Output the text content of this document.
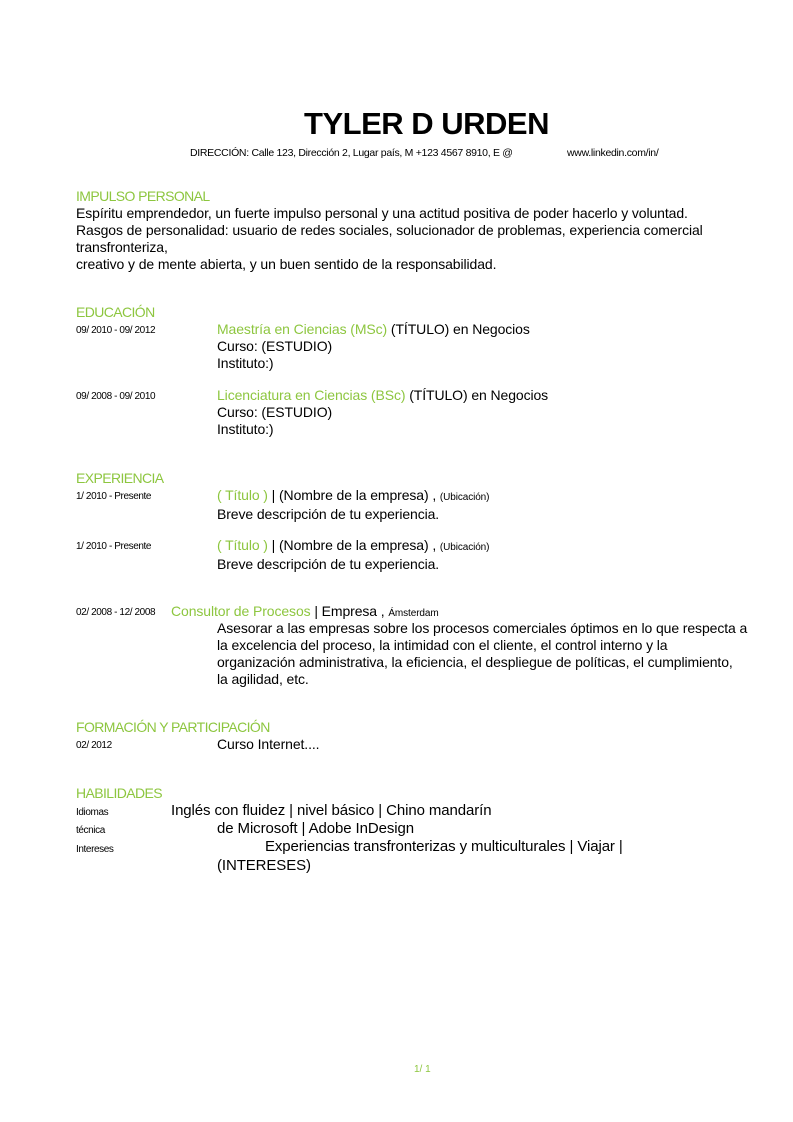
TYLER D URDEN
DIRECCIÓN: Calle 123, Dirección 2, Lugar país, M +123 4567 8910, E @	www.linkedin.com/in/
IMPULSO PERSONAL
Espíritu emprendedor, un fuerte impulso personal y una actitud positiva de poder hacerlo y voluntad.
Rasgos de personalidad: usuario de redes sociales, solucionador de problemas, experiencia comercial
transfronteriza,
creativo y de mente abierta, y un buen sentido de la responsabilidad.
EDUCACIÓN
09/ 2010 - 09/ 2012	Maestría en Ciencias (MSc) (TÍTULO) en Negocios
Curso: (ESTUDIO)
Instituto:)
09/ 2008 - 09/ 2010	Licenciatura en Ciencias (BSc) (TÍTULO) en Negocios
Curso: (ESTUDIO)
Instituto:)
EXPERIENCIA
1/ 2010 - Presente	( Título ) | (Nombre de la empresa) , (Ubicación)
Breve descripción de tu experiencia.
1/ 2010 - Presente	( Título ) | (Nombre de la empresa) , (Ubicación)
Breve descripción de tu experiencia.
02/ 2008 - 12/ 2008 Consultor de Procesos | Empresa , Ámsterdam
Asesorar a las empresas sobre los procesos comerciales óptimos en lo que respecta a
la excelencia del proceso, la intimidad con el cliente, el control interno y la
organización administrativa, la eficiencia, el despliegue de políticas, el cumplimiento,
la agilidad, etc.
FORMACIÓN Y PARTICIPACIÓN
02/ 2012	Curso Internet....
HABILIDADES
Idiomas	Inglés con fluidez | nivel básico | Chino mandarín
técnica	de Microsoft | Adobe InDesign
Intereses	Experiencias transfronterizas y multiculturales | Viajar |
(INTERESES)
1/ 1
